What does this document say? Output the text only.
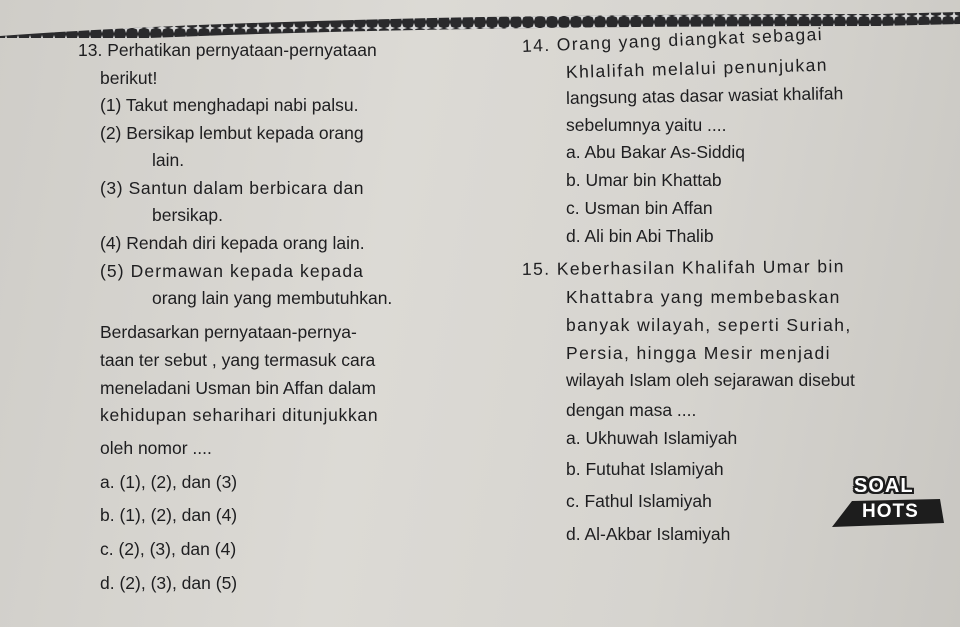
13. Perhatikan pernyataan-pernyataan
berikut!
(1) Takut menghadapi nabi palsu.
(2) Bersikap lembut kepada orang
lain.
(3) Santun dalam berbicara dan
bersikap.
(4) Rendah diri kepada orang lain.
(5) Dermawan kepada kepada
orang lain yang membutuhkan.
Berdasarkan pernyataan-pernya-
taan ter sebut , yang termasuk cara
meneladani Usman bin Affan dalam
kehidupan seharihari ditunjukkan
oleh nomor ....
a. (1), (2), dan (3)
b. (1), (2), dan (4)
c. (2), (3), dan (4)
d. (2), (3), dan (5)
14. Orang yang diangkat sebagai
Khlalifah melalui penunjukan
langsung atas dasar wasiat khalifah
sebelumnya yaitu ....
a. Abu Bakar As-Siddiq
b. Umar bin Khattab
c. Usman bin Affan
d. Ali bin Abi Thalib
15. Keberhasilan Khalifah Umar bin
Khattabra yang membebaskan
banyak wilayah, seperti Suriah,
Persia, hingga Mesir menjadi
wilayah Islam oleh sejarawan disebut
dengan masa ....
a. Ukhuwah Islamiyah
b. Futuhat Islamiyah
c. Fathul Islamiyah
d. Al-Akbar Islamiyah
SOAL
HOTS
